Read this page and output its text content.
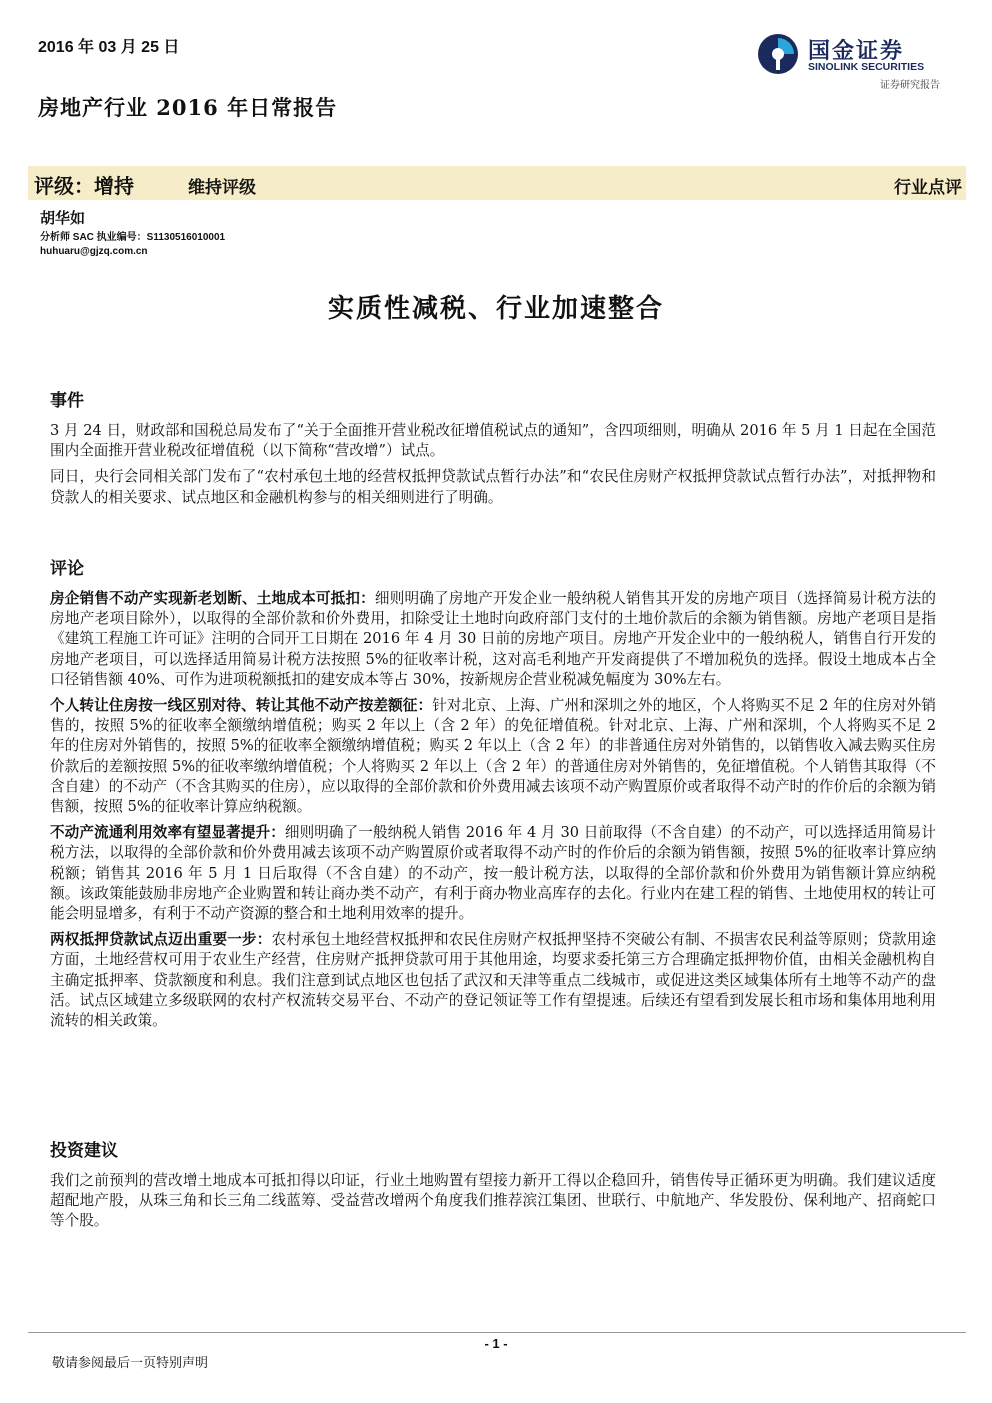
2016 年 03 月 25 日
房地产行业 2016 年日常报告
国金证券
SINOLINK SECURITIES
证券研究报告
评级：增持	维持评级	行业点评
胡华如
分析师 SAC 执业编号：S1130516010001
huhuaru@gjzq.com.cn
实质性减税、行业加速整合
事件

3 月 24 日，财政部和国税总局发布了“关于全面推开营业税改征增值税试点的通知”，含四项细则，明确从 2016 年 5 月 1 日起在全国范围内全面推开营业税改征增值税（以下简称“营改增”）试点。

同日，央行会同相关部门发布了“农村承包土地的经营权抵押贷款试点暂行办法”和“农民住房财产权抵押贷款试点暂行办法”，对抵押物和贷款人的相关要求、试点地区和金融机构参与的相关细则进行了明确。

评论

房企销售不动产实现新老划断、土地成本可抵扣：细则明确了房地产开发企业一般纳税人销售其开发的房地产项目（选择简易计税方法的房地产老项目除外），以取得的全部价款和价外费用，扣除受让土地时向政府部门支付的土地价款后的余额为销售额。房地产老项目是指《建筑工程施工许可证》注明的合同开工日期在 2016 年 4 月 30 日前的房地产项目。房地产开发企业中的一般纳税人，销售自行开发的房地产老项目，可以选择适用简易计税方法按照 5%的征收率计税，这对高毛利地产开发商提供了不增加税负的选择。假设土地成本占全口径销售额 40%、可作为进项税额抵扣的建安成本等占 30%，按新规房企营业税减免幅度为 30%左右。

个人转让住房按一线区别对待、转让其他不动产按差额征：针对北京、上海、广州和深圳之外的地区，个人将购买不足 2 年的住房对外销售的，按照 5%的征收率全额缴纳增值税；购买 2 年以上（含 2 年）的免征增值税。针对北京、上海、广州和深圳，个人将购买不足 2 年的住房对外销售的，按照 5%的征收率全额缴纳增值税；购买 2 年以上（含 2 年）的非普通住房对外销售的，以销售收入减去购买住房价款后的差额按照 5%的征收率缴纳增值税；个人将购买 2 年以上（含 2 年）的普通住房对外销售的，免征增值税。个人销售其取得（不含自建）的不动产（不含其购买的住房），应以取得的全部价款和价外费用减去该项不动产购置原价或者取得不动产时的作价后的余额为销售额，按照 5%的征收率计算应纳税额。

不动产流通利用效率有望显著提升：细则明确了一般纳税人销售 2016 年 4 月 30 日前取得（不含自建）的不动产，可以选择适用简易计税方法，以取得的全部价款和价外费用减去该项不动产购置原价或者取得不动产时的作价后的余额为销售额，按照 5%的征收率计算应纳税额；销售其 2016 年 5 月 1 日后取得（不含自建）的不动产，按一般计税方法，以取得的全部价款和价外费用为销售额计算应纳税额。该政策能鼓励非房地产企业购置和转让商办类不动产，有利于商办物业高库存的去化。行业内在建工程的销售、土地使用权的转让可能会明显增多，有利于不动产资源的整合和土地利用效率的提升。

两权抵押贷款试点迈出重要一步：农村承包土地经营权抵押和农民住房财产权抵押坚持不突破公有制、不损害农民利益等原则；贷款用途方面，土地经营权可用于农业生产经营，住房财产抵押贷款可用于其他用途，均要求委托第三方合理确定抵押物价值，由相关金融机构自主确定抵押率、贷款额度和利息。我们注意到试点地区也包括了武汉和天津等重点二线城市，或促进这类区域集体所有土地等不动产的盘活。试点区域建立多级联网的农村产权流转交易平台、不动产的登记领证等工作有望提速。后续还有望看到发展长租市场和集体用地利用流转的相关政策。

投资建议

我们之前预判的营改增土地成本可抵扣得以印证，行业土地购置有望接力新开工得以企稳回升，销售传导正循环更为明确。我们建议适度超配地产股，从珠三角和长三角二线蓝筹、受益营改增两个角度我们推荐滨江集团、世联行、中航地产、华发股份、保利地产、招商蛇口等个股。

- 1 -
敬请参阅最后一页特别声明
